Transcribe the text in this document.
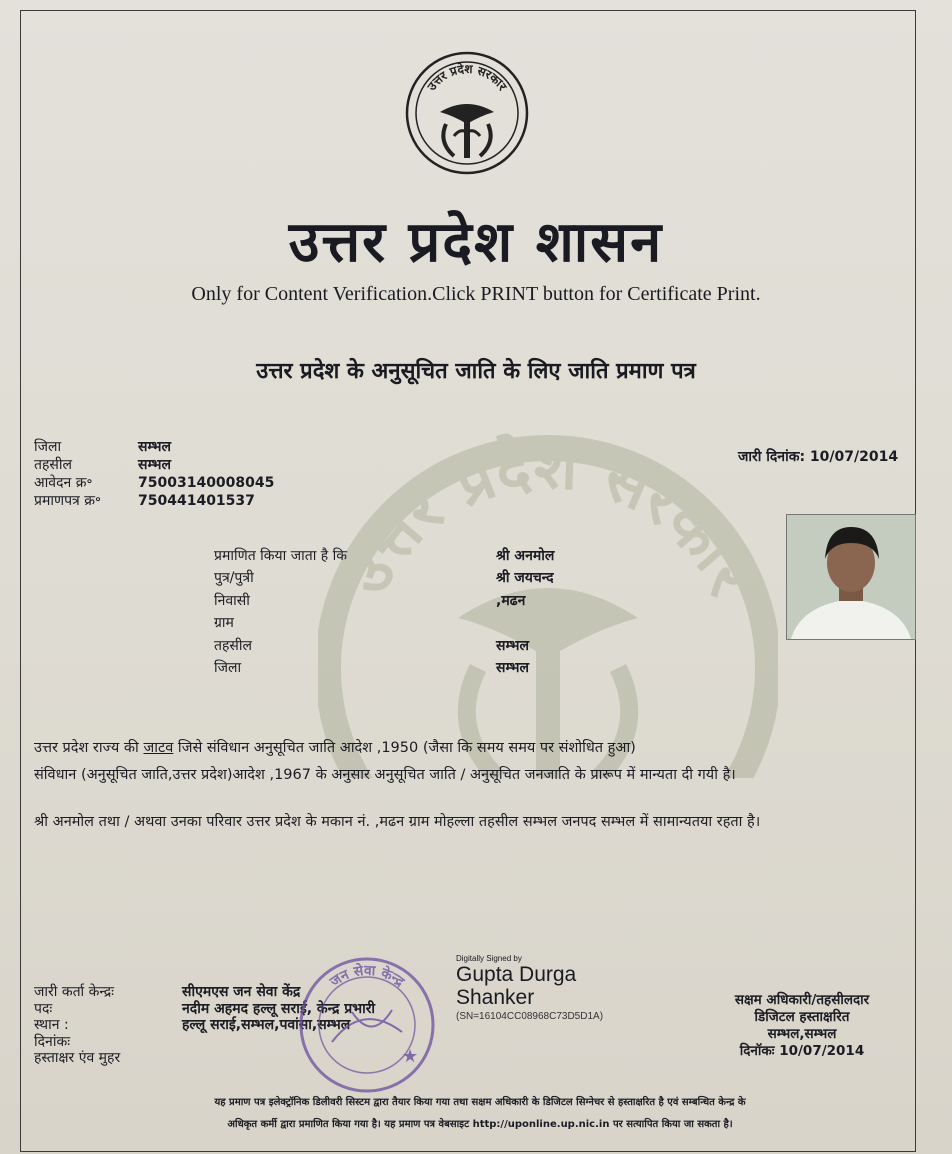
उत्तर प्रदेश सरकार
उत्तर प्रदेश सरकार
उत्तर प्रदेश शासन
Only for Content Verification.Click PRINT button for Certificate Print.
उत्तर प्रदेश के अनुसूचित जाति के लिए जाति प्रमाण पत्र
जिला	सम्भल
तहसील	सम्भल
आवेदन क्र॰	75003140008045
प्रमाणपत्र क्र॰	750441401537
जारी दिनांक: 10/07/2014
प्रमाणित किया जाता है कि	श्री अनमोल
पुत्र/पुत्री	श्री जयचन्द
निवासी	,मढन
ग्राम
तहसील	सम्भल
जिला	सम्भल
उत्तर प्रदेश राज्य की जाटव जिसे संविधान अनुसूचित जाति आदेश ,1950 (जैसा कि समय समय पर संशोधित हुआ)
संविधान (अनुसूचित जाति,उत्तर प्रदेश)आदेश ,1967 के अनुसार अनुसूचित जाति / अनुसूचित जनजाति के प्रारूप में मान्यता दी गयी है।
श्री अनमोल तथा / अथवा उनका परिवार उत्तर प्रदेश के मकान नं. ,मढन ग्राम मोहल्ला तहसील सम्भल जनपद सम्भल में सामान्यतया रहता है।
जारी कर्ता केन्द्रः	सीएमएस जन सेवा केंद्र
पदः	नदीम अहमद हल्लू सराई, केन्द्र प्रभारी
स्थान :	हल्लू सराई,सम्भल,पवांसा,सम्भल
दिनांकः
हस्ताक्षर एंव मुहर
जन सेवा केन्द्र
★
Digitally Signed by
Gupta Durga
Shanker
(SN=16104CC08968C73D5D1A)
सक्षम अधिकारी/तहसीलदार
डिजिटल हस्ताक्षरित
सम्भल,सम्भल
दिनॉकः 10/07/2014
यह प्रमाण पत्र इलेक्ट्रॉनिक डिलीवरी सिस्टम द्वारा तैयार किया गया तथा सक्षम अधिकारी के डिजिटल सिग्नेचर से हस्ताक्षरित है एवं सम्बन्धित केन्द्र के
अधिकृत कर्मी द्वारा प्रमाणित किया गया है। यह प्रमाण पत्र वेबसाइट http://uponline.up.nic.in पर सत्यापित किया जा सकता है।
